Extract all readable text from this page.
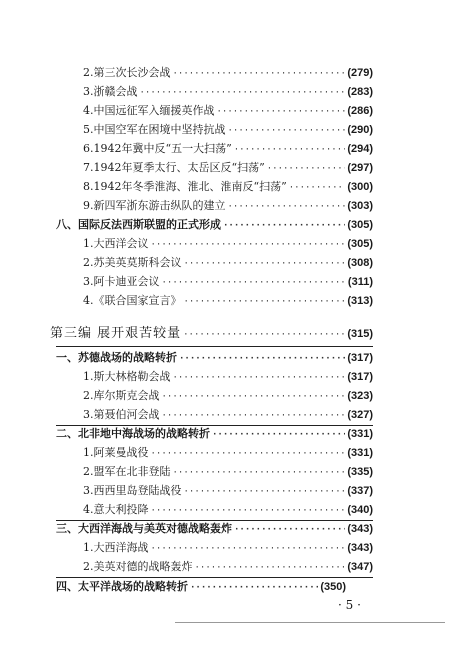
2.第三次长沙会战 ·····	(279)
3.浙赣会战 ·····	(283)
4.中国远征军入缅援英作战 ·····	(286)
5.中国空军在困境中坚持抗战 ·····	(290)
6.1942年冀中反“五一大扫荡” ·····	(294)
7.1942年夏季太行、太岳区反“扫荡” ·····	(297)
8.1942年冬季淮海、淮北、淮南反“扫荡” ·····	(300)
9.新四军浙东游击纵队的建立 ·····	(303)
八、国际反法西斯联盟的正式形成 ·····	(305)
1.大西洋会议 ·····	(305)
2.苏美英莫斯科会议 ·····	(308)
3.阿卡迪亚会议 ·····	(311)
4.《联合国家宣言》 ·····	(313)
第三编 展开艰苦较量 ·····	(315)
一、苏德战场的战略转折 ·····	(317)
1.斯大林格勒会战 ·····	(317)
2.库尔斯克会战 ·····	(323)
3.第聂伯河会战 ·····	(327)
二、北非地中海战场的战略转折 ·····	(331)
1.阿莱曼战役 ·····	(331)
2.盟军在北非登陆 ·····	(335)
3.西西里岛登陆战役 ·····	(337)
4.意大利投降 ·····	(340)
三、大西洋海战与美英对德战略轰炸 ·····	(343)
1.大西洋海战 ·····	(343)
2.美英对德的战略轰炸 ·····	(347)
四、太平洋战场的战略转折 ·····	(350)
· 5 ·
